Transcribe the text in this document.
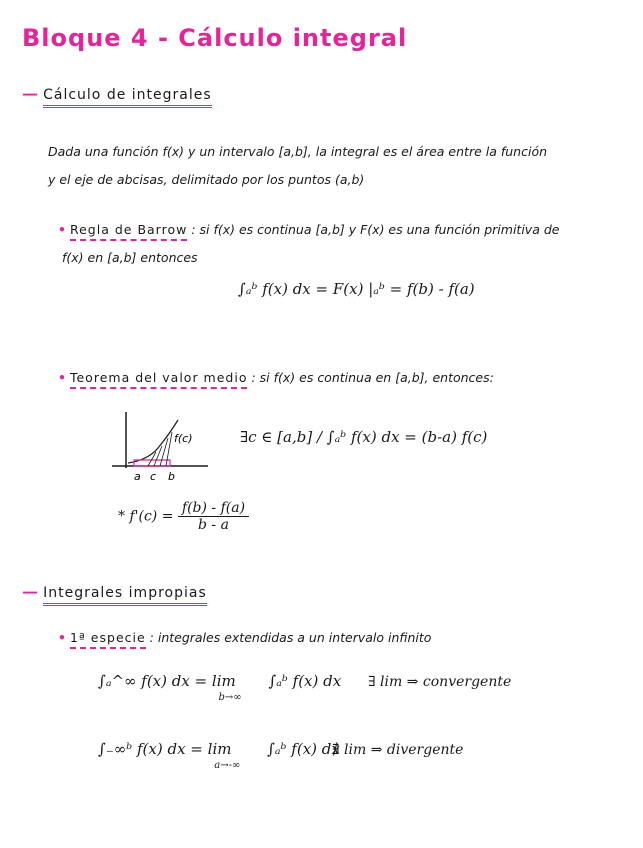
Bloque 4 - Cálculo integral
— Cálculo de integrales
Dada una función f(x) y un intervalo [a,b], la integral es el área entre la función
y el eje de abcisas, delimitado por los puntos (a,b)
• Regla de Barrow : si f(x) es continua [a,b] y F(x) es una función primitiva de
f(x) en [a,b] entonces
∫ₐᵇ f(x) dx = F(x) |ₐᵇ = f(b) - f(a)
• Teorema del valor medio : si f(x) es continua en [a,b], entonces:
f(c)
a c b
∃c ∈ [a,b] / ∫ₐᵇ f(x) dx = (b-a) f(c)
* $f'(c) = \frac{f(b) - f(a)}{b - a}$
— Integrales impropias
• 1ª especie : integrales extendidas a un intervalo infinito
∫ₐ^∞ f(x) dx = lim $_{b\to\infty}$ ∫ₐᵇ f(x) dx ∃ lim ⇒ convergente
∫₋∞ᵇ f(x) dx = lim $_{a\to-\infty}$ ∫ₐᵇ f(x) dx
∄ lim ⇒ divergente
